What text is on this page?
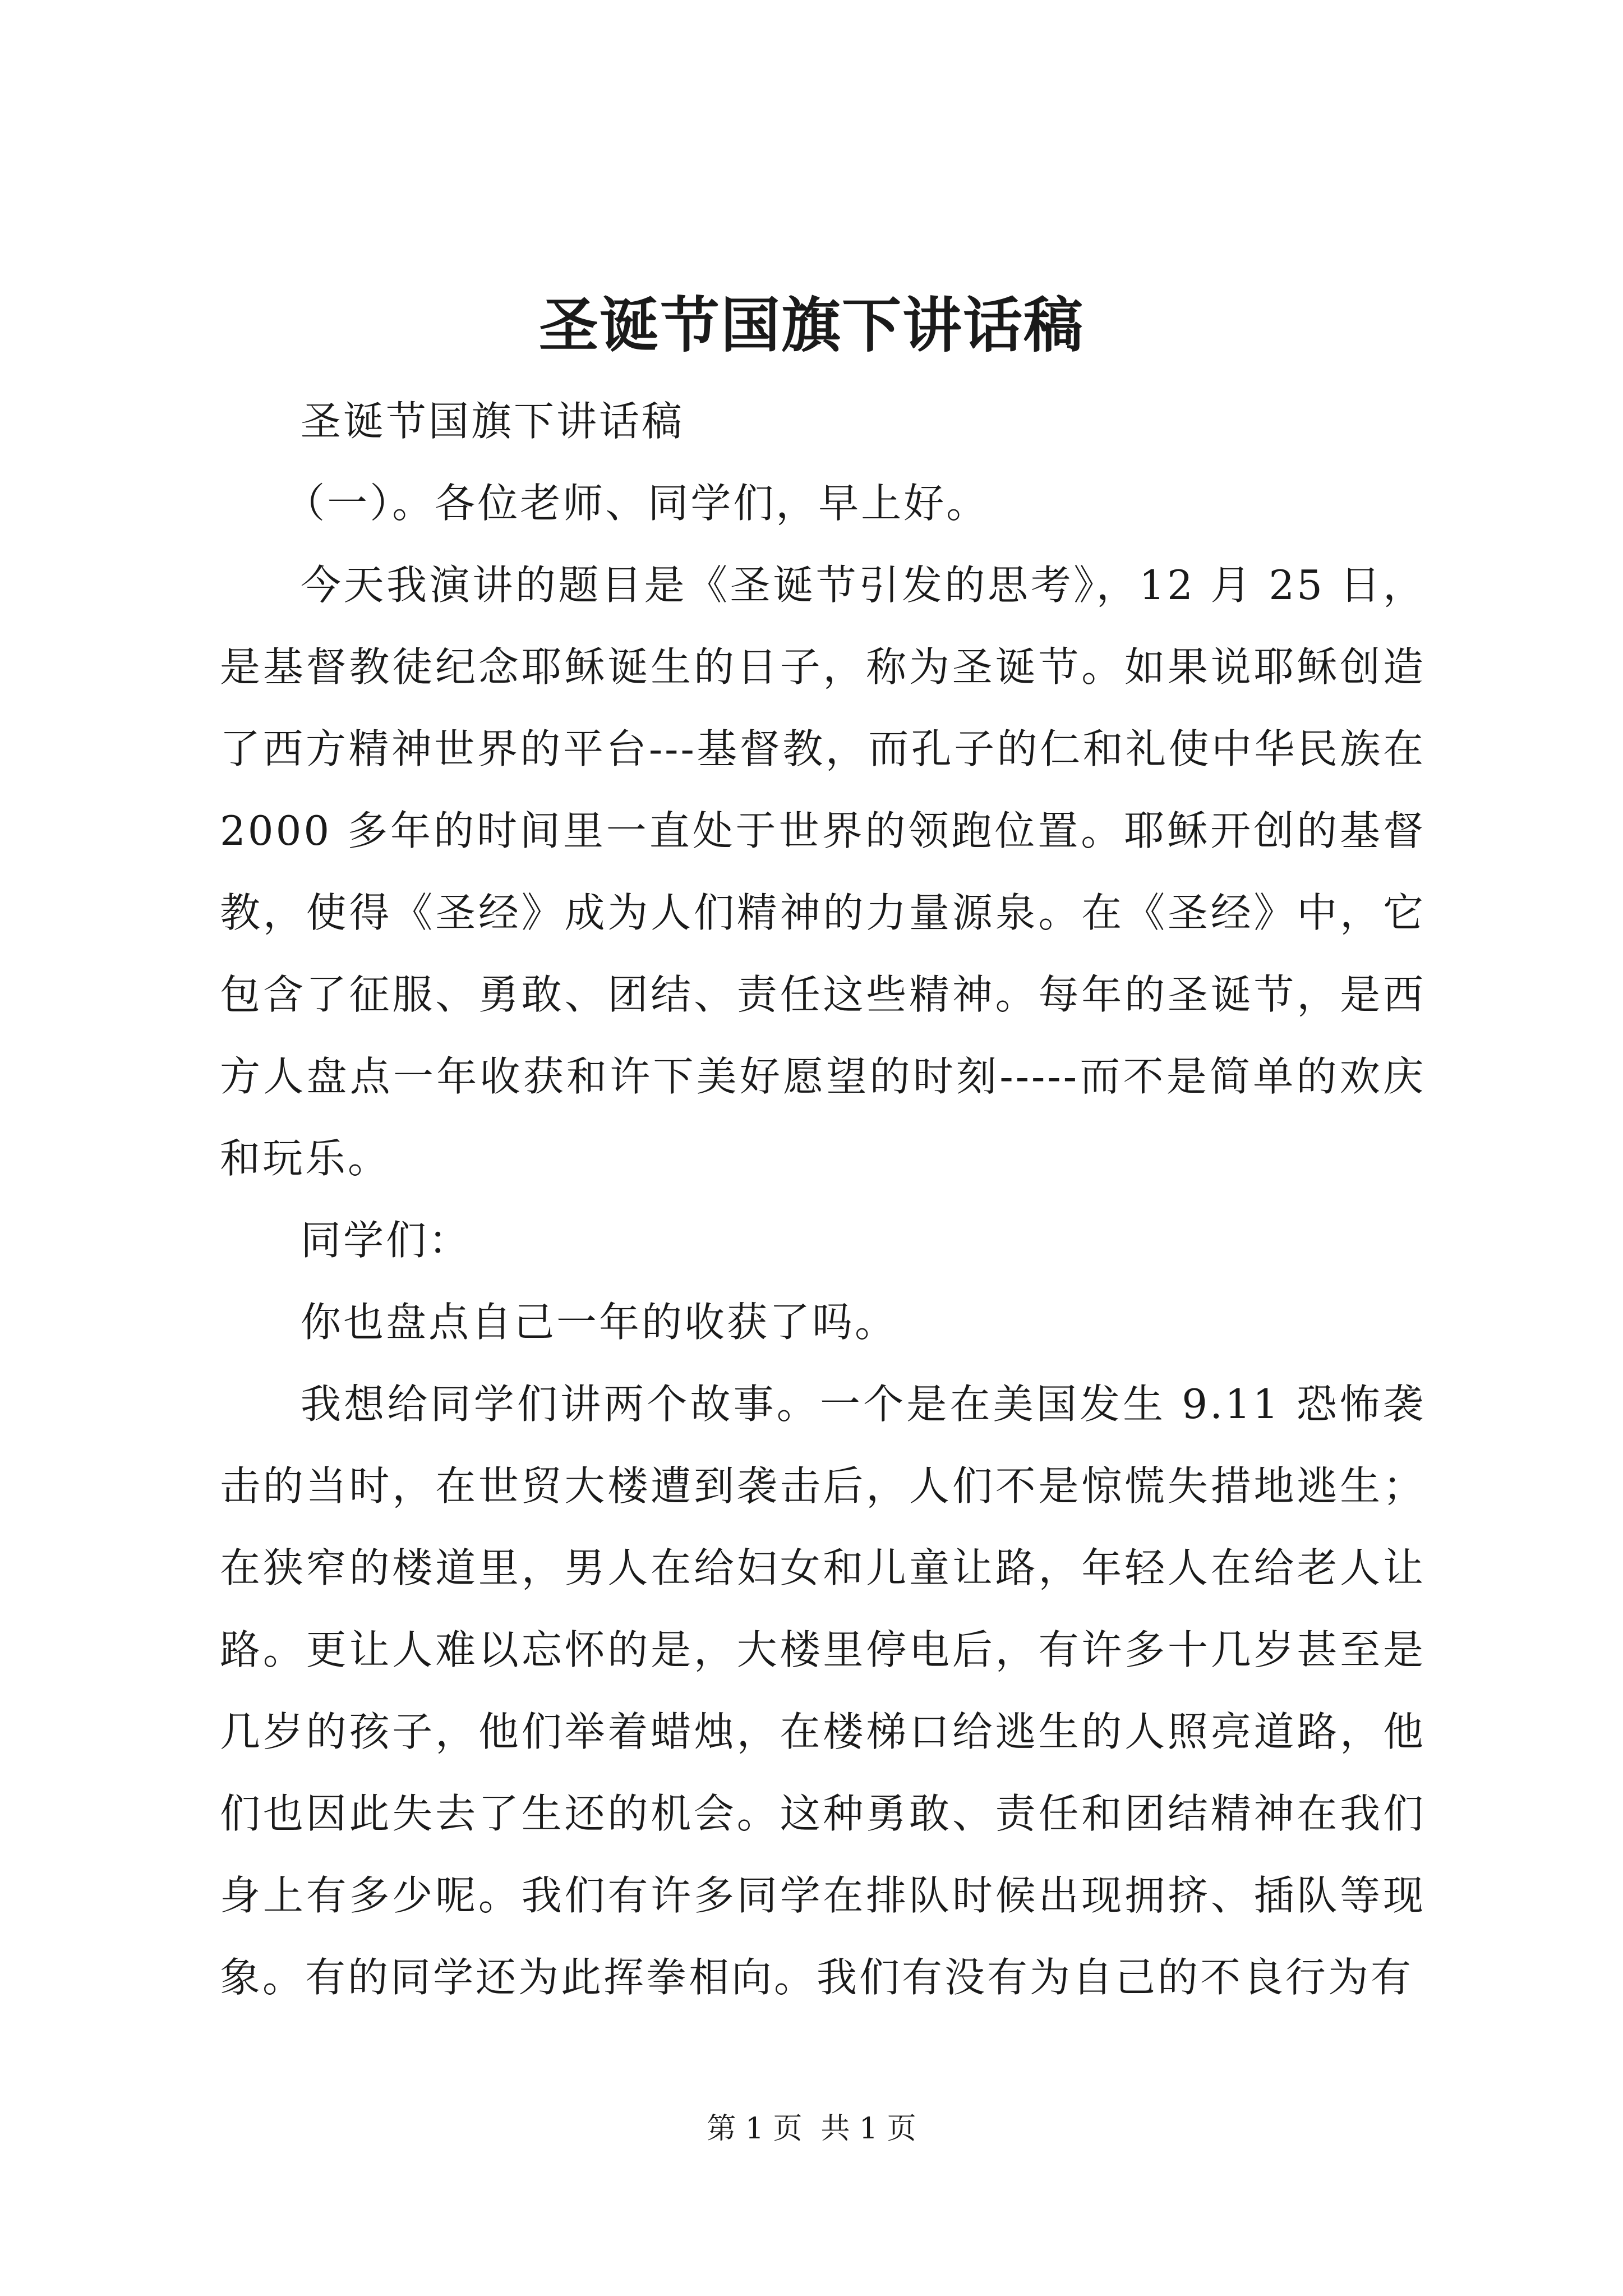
圣诞节国旗下讲话稿

圣诞节国旗下讲话稿

（一）。各位老师、同学们，早上好。

今天我演讲的题目是《圣诞节引发的思考》，12 月 25 日，是基督教徒纪念耶稣诞生的日子，称为圣诞节。如果说耶稣创造了西方精神世界的平台---基督教，而孔子的仁和礼使中华民族在 2000 多年的时间里一直处于世界的领跑位置。耶稣开创的基督教，使得《圣经》成为人们精神的力量源泉。在《圣经》中，它包含了征服、勇敢、团结、责任这些精神。每年的圣诞节，是西方人盘点一年收获和许下美好愿望的时刻-----而不是简单的欢庆和玩乐。

同学们：

你也盘点自己一年的收获了吗。

我想给同学们讲两个故事。一个是在美国发生 9.11 恐怖袭击的当时，在世贸大楼遭到袭击后，人们不是惊慌失措地逃生；在狭窄的楼道里，男人在给妇女和儿童让路，年轻人在给老人让路。更让人难以忘怀的是，大楼里停电后，有许多十几岁甚至是几岁的孩子，他们举着蜡烛，在楼梯口给逃生的人照亮道路，他们也因此失去了生还的机会。这种勇敢、责任和团结精神在我们身上有多少呢。我们有许多同学在排队时候出现拥挤、插队等现象。有的同学还为此挥拳相向。我们有没有为自己的不良行为有

第 1 页  共 1 页
